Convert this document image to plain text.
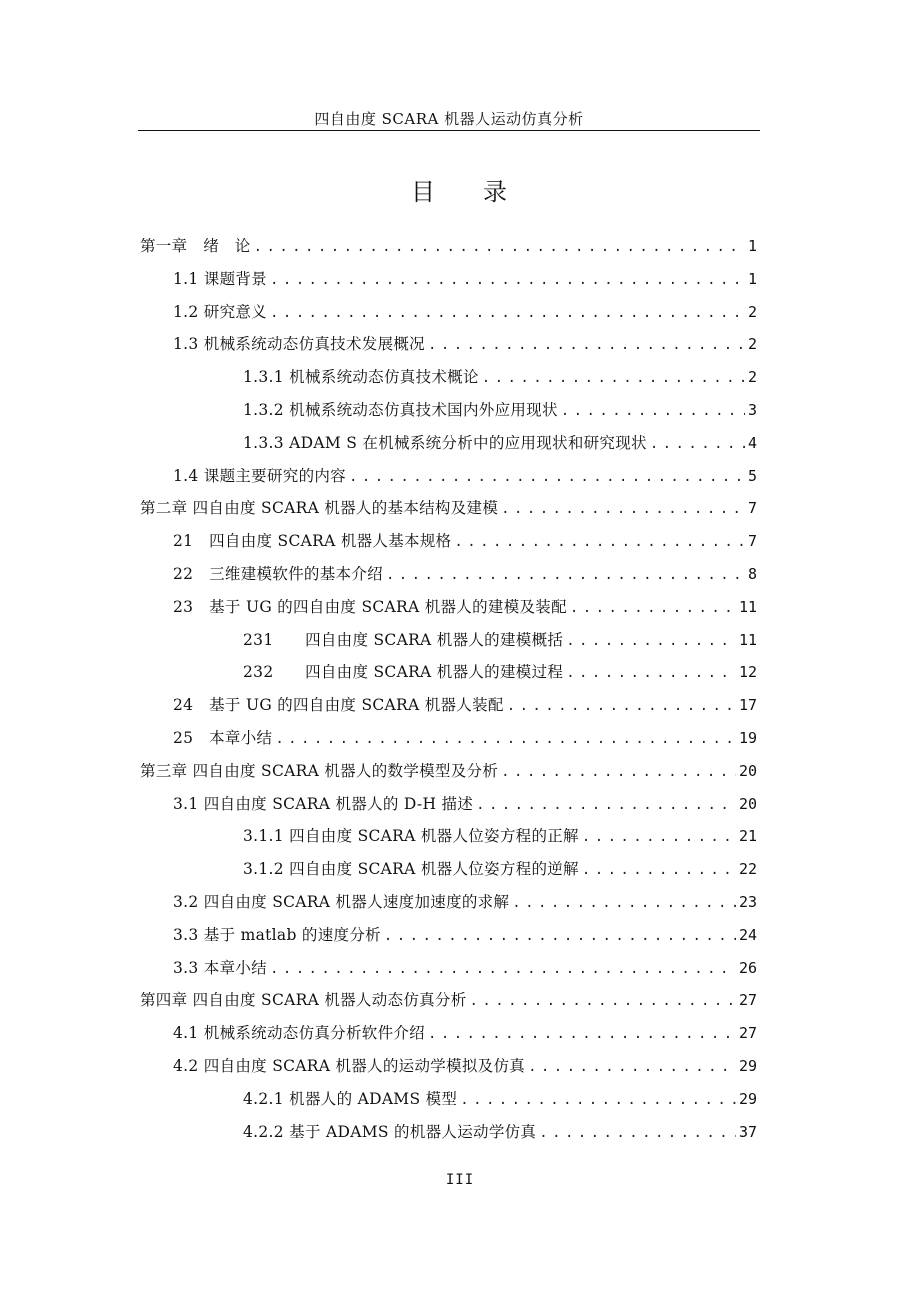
四自由度 SCARA 机器人运动仿真分析
目 录
第一章　绪　论 . . .	1
1.1 课题背景 . . .	1
1.2 研究意义 . . .	2
1.3 机械系统动态仿真技术发展概况 . . .	2
1.3.1 机械系统动态仿真技术概论 . . .	2
1.3.2 机械系统动态仿真技术国内外应用现状 . . .	3
1.3.3 ADAM S 在机械系统分析中的应用现状和研究现状 . . .	4
1.4 课题主要研究的内容 . . .	5
第二章 四自由度 SCARA 机器人的基本结构及建模 . . .	7
21　四自由度 SCARA 机器人基本规格 . . .	7
22　三维建模软件的基本介绍 . . .	8
23　基于 UG 的四自由度 SCARA 机器人的建模及装配 . . .	11
231　　四自由度 SCARA 机器人的建模概括 . . .	11
232　　四自由度 SCARA 机器人的建模过程 . . .	12
24　基于 UG 的四自由度 SCARA 机器人装配 . . .	17
25　本章小结 . . .	19
第三章 四自由度 SCARA 机器人的数学模型及分析 . . .	20
3.1 四自由度 SCARA 机器人的 D-H 描述 . . .	20
3.1.1 四自由度 SCARA 机器人位姿方程的正解 . . .	21
3.1.2 四自由度 SCARA 机器人位姿方程的逆解 . . .	22
3.2 四自由度 SCARA 机器人速度加速度的求解 . . .	23
3.3 基于 matlab 的速度分析 . . .	24
3.3 本章小结 . . .	26
第四章 四自由度 SCARA 机器人动态仿真分析 . . .	27
4.1 机械系统动态仿真分析软件介绍 . . .	27
4.2 四自由度 SCARA 机器人的运动学模拟及仿真 . . .	29
4.2.1 机器人的 ADAMS 模型 . . .	29
4.2.2 基于 ADAMS 的机器人运动学仿真 . . .	37
III
